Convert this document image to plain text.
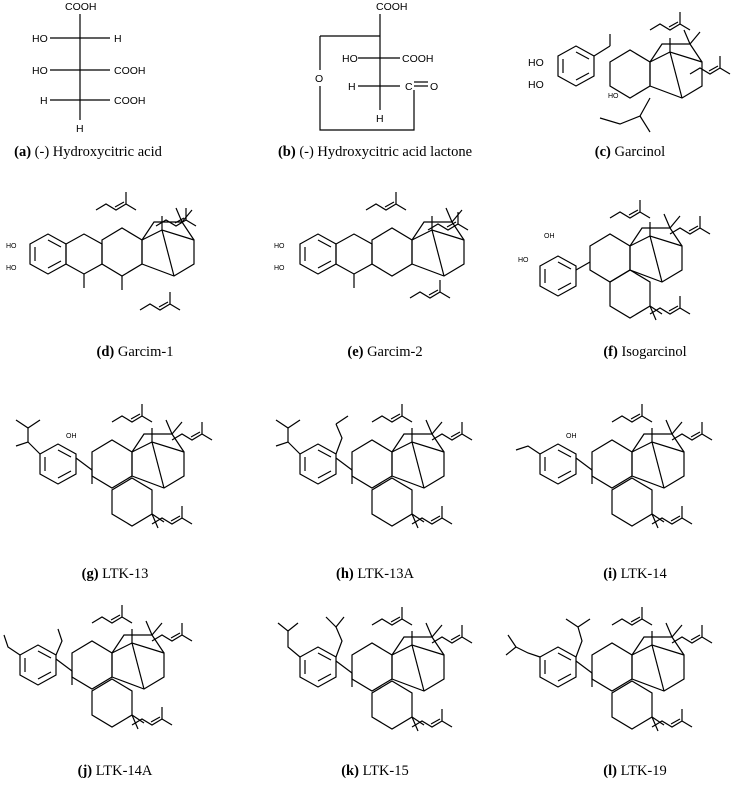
COOH
HO	H
HO	COOH
H	COOH
H
(a) (-) Hydroxycitric acid
COOH
HO	COOH
H	C O
O
H
(b) (-) Hydroxycitric acid lactone
HO
HO
HO
(c) Garcinol
HO
HO
(d) Garcim-1
HO
HO
(e) Garcim-2
OH
HO
(f) Isogarcinol
OH
(g) LTK-13	(h) LTK-13A
OH
(i) LTK-14
(j) LTK-14A	(k) LTK-15	(l) LTK-19
